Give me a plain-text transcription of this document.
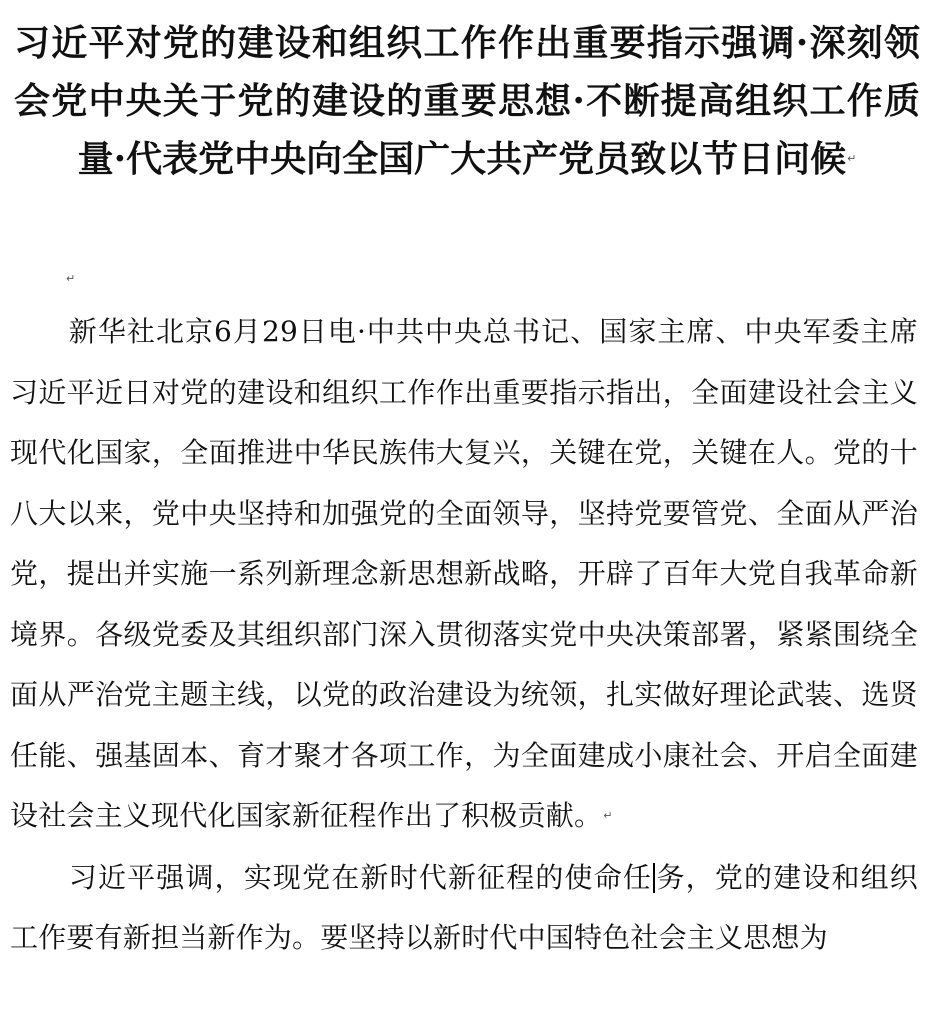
习近平对党的建设和组织工作作出重要指示强调·深刻领会党中央关于党的建设的重要思想·不断提高组织工作质量·代表党中央向全国广大共产党员致以节日问候↵
↵

新华社北京6月29日电·中共中央总书记、国家主席、中央军委主席习近平近日对党的建设和组织工作作出重要指示指出，全面建设社会主义现代化国家，全面推进中华民族伟大复兴，关键在党，关键在人。党的十八大以来，党中央坚持和加强党的全面领导，坚持党要管党、全面从严治党，提出并实施一系列新理念新思想新战略，开辟了百年大党自我革命新境界。各级党委及其组织部门深入贯彻落实党中央决策部署，紧紧围绕全面从严治党主题主线，以党的政治建设为统领，扎实做好理论武装、选贤任能、强基固本、育才聚才各项工作，为全面建成小康社会、开启全面建设社会主义现代化国家新征程作出了积极贡献。↵

习近平强调，实现党在新时代新征程的使命任 务，党的建设和组织工作要有新担当新作为。要坚持以新时代中国特色社会主义思想为
